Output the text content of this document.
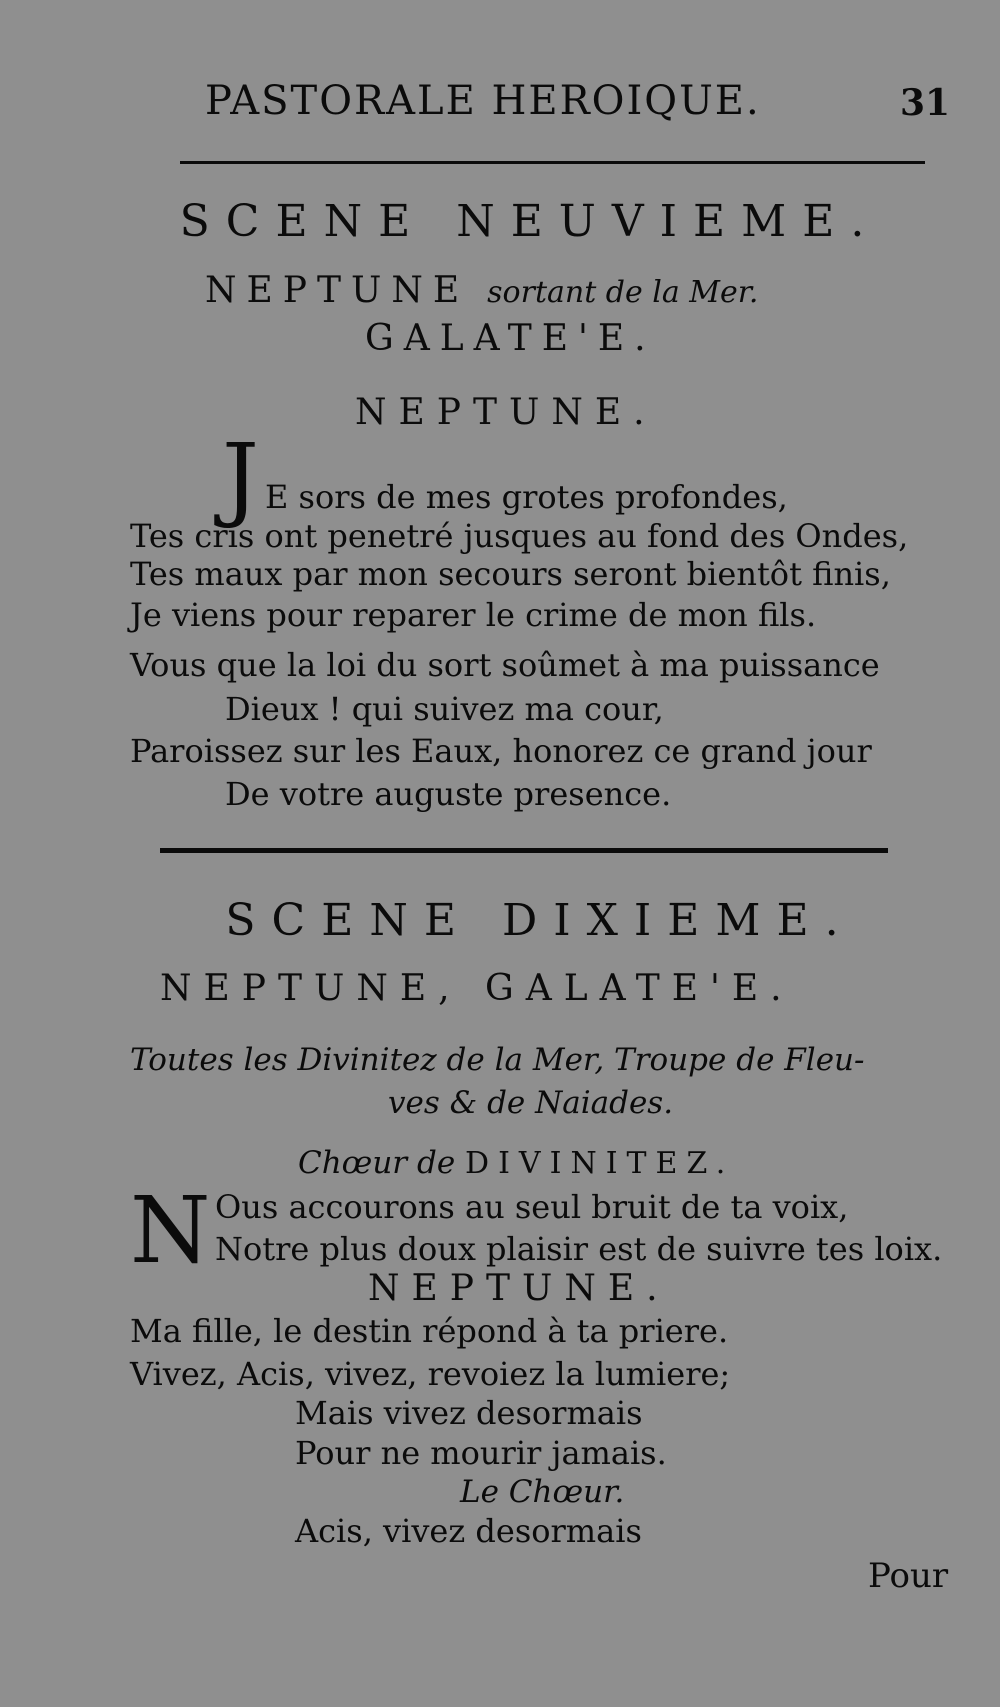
PASTORALE HEROIQUE.	31
SCENE NEUVIEME.
NEPTUNE sortant de la Mer.
GALATE'E.
NEPTUNE.
J E sors de mes grotes profondes,
Tes cris ont penetré jusques au fond des Ondes,
Tes maux par mon secours seront bientôt finis,
Je viens pour reparer le crime de mon fils.
Vous que la loi du sort soûmet à ma puissance
Dieux ! qui suivez ma cour,
Paroissez sur les Eaux, honorez ce grand jour
De votre auguste presence.
SCENE DIXIEME.
NEPTUNE, GALATE'E.
Toutes les Divinitez de la Mer, Troupe de Fleu-
ves & de Naiades.
Chœur de DIVINITEZ.
N Ous accourons au seul bruit de ta voix,
Notre plus doux plaisir est de suivre tes loix.
NEPTUNE.
Ma fille, le destin répond à ta priere.
Vivez, Acis, vivez, revoiez la lumiere;
Mais vivez desormais
Pour ne mourir jamais.
Le Chœur.
Acis, vivez desormais
Pour
